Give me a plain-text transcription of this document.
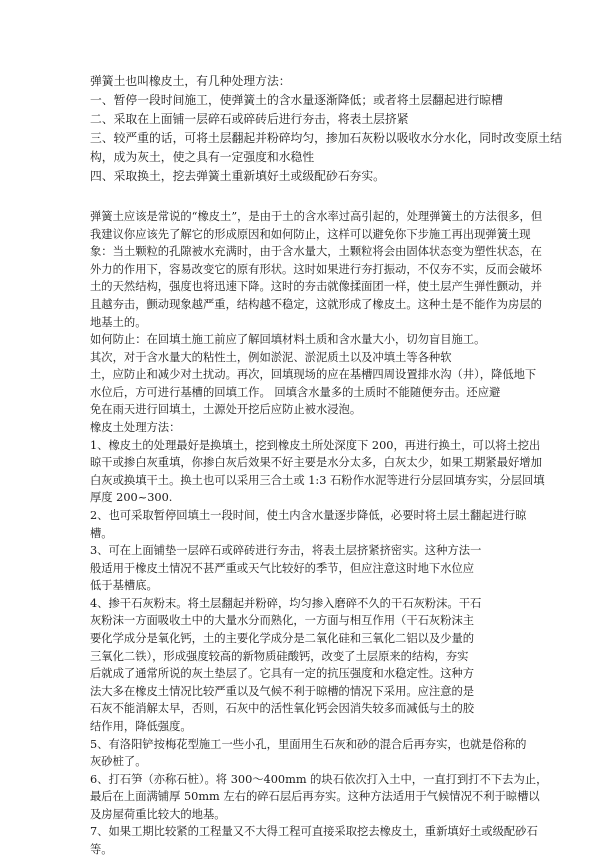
弹簧土也叫橡皮土，有几种处理方法：
一、暂停一段时间施工，使弹簧土的含水量逐渐降低；或者将土层翻起进行晾槽
二、采取在上面铺一层碎石或碎砖后进行夯击，将表土层挤紧
三、较严重的话，可将土层翻起并粉碎均匀，掺加石灰粉以吸收水分水化，同时改变原土结
构，成为灰土，使之具有一定强度和水稳性
四、采取换土，挖去弹簧土重新填好土或级配砂石夯实。
弹簧土应该是常说的“橡皮土”，是由于土的含水率过高引起的，处理弹簧土的方法很多，但
我建议你应该先了解它的形成原因和如何防止，这样可以避免你下步施工再出现弹簧土现
象：当土颗粒的孔隙被水充满时，由于含水量大，土颗粒将会由固体状态变为塑性状态，在
外力的作用下，容易改变它的原有形状。这时如果进行夯打振动，不仅夯不实，反而会破坏
土的天然结构，强度也将迅速下降。这时的夯击就像揉面团一样，使土层产生弹性颤动，并
且越夯击，颤动现象越严重，结构越不稳定，这就形成了橡皮土。这种土是不能作为房层的
地基土的。
如何防止：在回填土施工前应了解回填材料土质和含水量大小，切勿盲目施工。
其次，对于含水量大的粘性土，例如淤泥、淤泥质土以及冲填土等各种软
土，应防止和减少对土扰动。再次，回填现场的应在基槽四周设置排水沟（井），降低地下
水位后，方可进行基槽的回填工作。 回填含水量多的土质时不能随便夯击。还应避
免在雨天进行回填土，土源处开挖后应防止被水浸泡。
橡皮土处理方法：
1、橡皮土的处理最好是换填土，挖到橡皮土所处深度下 200，再进行换土，可以将土挖出
晾干或掺白灰重填，你掺白灰后效果不好主要是水分太多，白灰太少，如果工期紧最好增加
白灰或换填干土。换土也可以采用三合土或 1:3 石粉作水泥等进行分层回填夯实，分层回填
厚度 200~300.
2、也可采取暂停回填土一段时间，使土内含水量逐步降低，必要时将土层土翻起进行晾
槽。
3、可在上面铺垫一层碎石或碎砖进行夯击，将表土层挤紧挤密实。这种方法一
般适用于橡皮土情况不甚严重或天气比较好的季节，但应注意这时地下水位应
低于基槽底。
4、掺干石灰粉末。将土层翻起并粉碎，均匀掺入磨碎不久的干石灰粉沫。干石
灰粉沫一方面吸收土中的大量水分而熟化，一方面与相互作用（干石灰粉沫主
要化学成分是氧化钙，土的主要化学成分是二氧化硅和三氧化二铝以及少量的
三氧化二铁），形成强度较高的新物质硅酸钙，改变了土层原来的结构，夯实
后就成了通常所说的灰土垫层了。它具有一定的抗压强度和水稳定性。这种方
法大多在橡皮土情况比较严重以及气候不利于晾槽的情况下采用。应注意的是
石灰不能消解太早，否则，石灰中的活性氧化钙会因消失较多而减低与土的胶
结作用，降低强度。
5、有洛阳铲按梅花型施工一些小孔，里面用生石灰和砂的混合后再夯实，也就是俗称的
灰砂桩了。
6、打石笋（亦称石桩）。将 300～400mm 的块石依次打入土中，一直打到打不下去为止，
最后在上面满铺厚 50mm 左右的碎石层后再夯实。这种方法适用于气候情况不利于晾槽以
及房屋荷重比较大的地基。
7、如果工期比较紧的工程量又不大得工程可直接采取挖去橡皮土，重新填好土或级配砂石
等。
